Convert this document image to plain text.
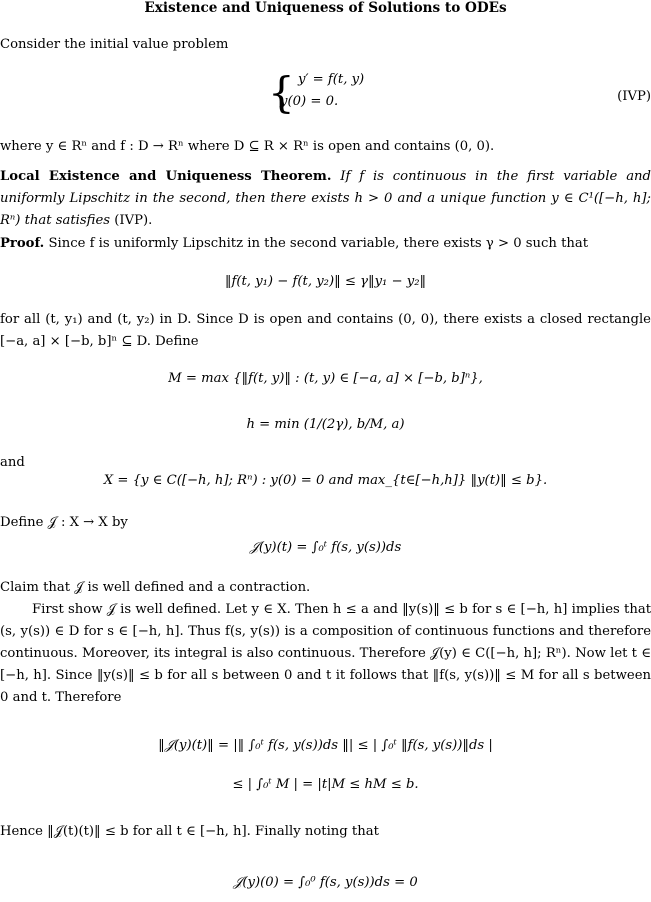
Existence and Uniqueness of Solutions to ODEs
Consider the initial value problem
{ y′ = f(t, y)
y(0) = 0.	(IVP)
where y ∈ Rⁿ and f : D → Rⁿ where D ⊆ R × Rⁿ is open and contains (0, 0).
Local Existence and Uniqueness Theorem. If f is continuous in the first variable and uniformly Lipschitz in the second, then there exists h > 0 and a unique function y ∈ C¹([−h, h]; Rⁿ) that satisfies (IVP).
Proof. Since f is uniformly Lipschitz in the second variable, there exists γ > 0 such that
‖f(t, y₁) − f(t, y₂)‖ ≤ γ‖y₁ − y₂‖
for all (t, y₁) and (t, y₂) in D. Since D is open and contains (0, 0), there exists a closed rectangle [−a, a] × [−b, b]ⁿ ⊆ D. Define
M = max {‖f(t, y)‖ : (t, y) ∈ [−a, a] × [−b, b]ⁿ},
h = min (1/(2γ), b/M, a)
and
X = {y ∈ C([−h, h]; Rⁿ) : y(0) = 0 and max_{t∈[−h,h]} ‖y(t)‖ ≤ b}.
Define 𝒥 : X → X by
𝒥(y)(t) = ∫₀ᵗ f(s, y(s))ds
Claim that 𝒥 is well defined and a contraction.
First show 𝒥 is well defined. Let y ∈ X. Then h ≤ a and ‖y(s)‖ ≤ b for s ∈ [−h, h] implies that (s, y(s)) ∈ D for s ∈ [−h, h]. Thus f(s, y(s)) is a composition of continuous functions and therefore continuous. Moreover, its integral is also continuous. Therefore 𝒥(y) ∈ C([−h, h]; Rⁿ). Now let t ∈ [−h, h]. Since ‖y(s)‖ ≤ b for all s between 0 and t it follows that ‖f(s, y(s))‖ ≤ M for all s between 0 and t. Therefore
‖𝒥(y)(t)‖ = |‖ ∫₀ᵗ f(s, y(s))ds ‖| ≤ | ∫₀ᵗ ‖f(s, y(s))‖ds |
≤ | ∫₀ᵗ M | = |t|M ≤ hM ≤ b.
Hence ‖𝒥(t)(t)‖ ≤ b for all t ∈ [−h, h]. Finally noting that
𝒥(y)(0) = ∫₀⁰ f(s, y(s))ds = 0
